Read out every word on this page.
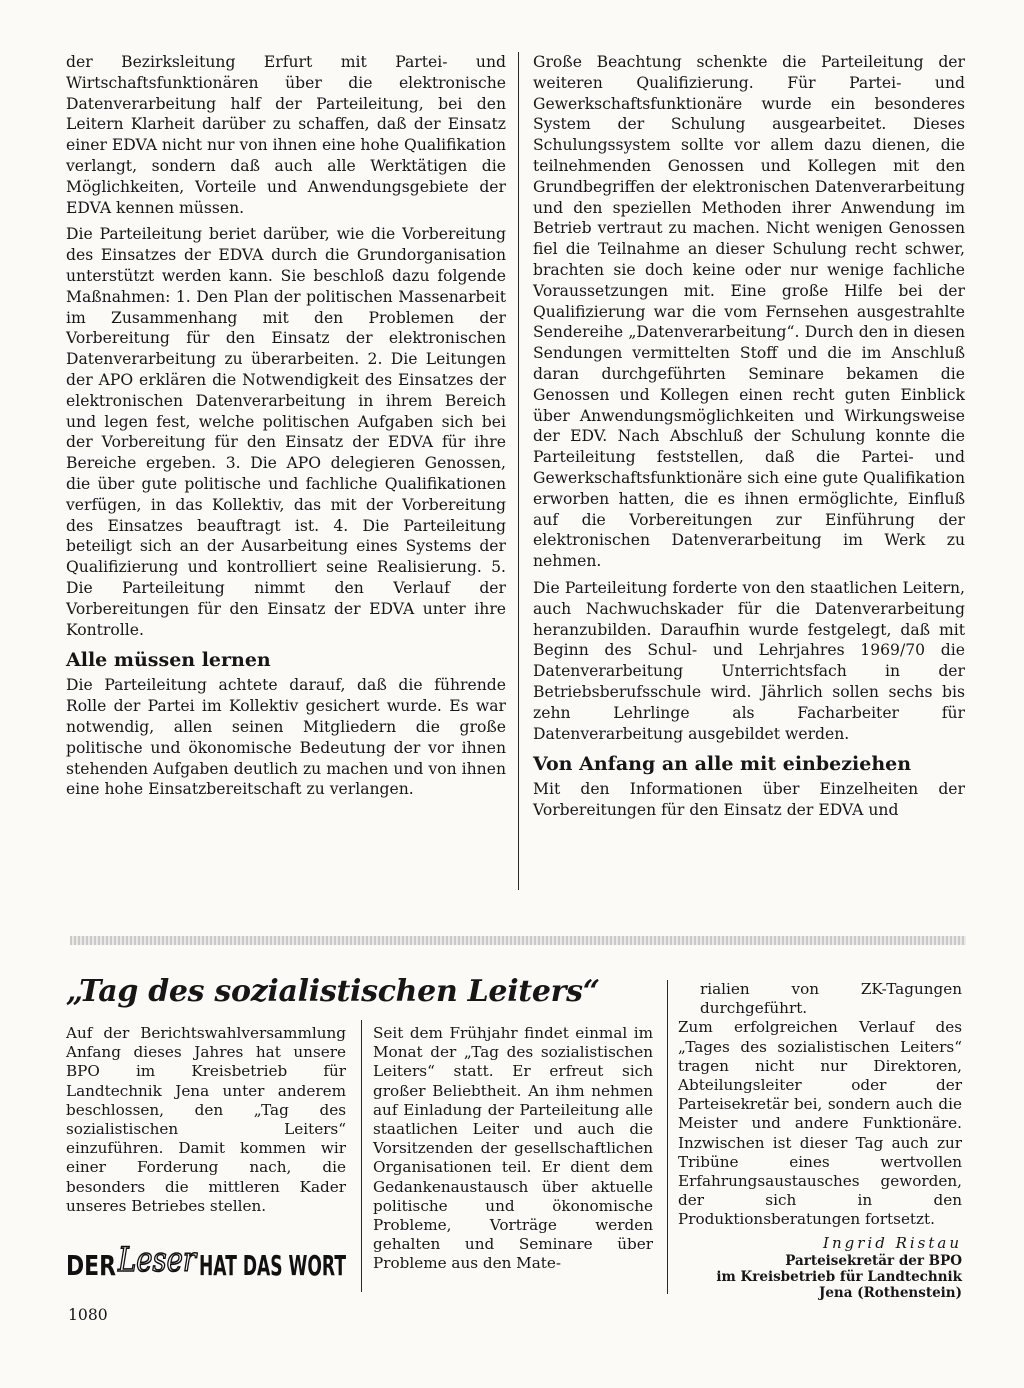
der Bezirksleitung Erfurt mit Partei- und Wirtschaftsfunktionären über die elektronische Datenverarbeitung half der Parteileitung, bei den Leitern Klarheit darüber zu schaffen, daß der Einsatz einer EDVA nicht nur von ihnen eine hohe Qualifikation verlangt, sondern daß auch alle Werktätigen die Möglichkeiten, Vorteile und Anwendungsgebiete der EDVA kennen müssen.

Die Parteileitung beriet darüber, wie die Vorbereitung des Einsatzes der EDVA durch die Grundorganisation unterstützt werden kann. Sie beschloß dazu folgende Maßnahmen: 1. Den Plan der politischen Massenarbeit im Zusammenhang mit den Problemen der Vorbereitung für den Einsatz der elektronischen Datenverarbeitung zu überarbeiten. 2. Die Leitungen der APO erklären die Notwendigkeit des Einsatzes der elektronischen Datenverarbeitung in ihrem Bereich und legen fest, welche politischen Aufgaben sich bei der Vorbereitung für den Einsatz der EDVA für ihre Bereiche ergeben. 3. Die APO delegieren Genossen, die über gute politische und fachliche Qualifikationen verfügen, in das Kollektiv, das mit der Vorbereitung des Einsatzes beauftragt ist. 4. Die Parteileitung beteiligt sich an der Ausarbeitung eines Systems der Qualifizierung und kontrolliert seine Realisierung. 5. Die Parteileitung nimmt den Verlauf der Vorbereitungen für den Einsatz der EDVA unter ihre Kontrolle.

Alle müssen lernen

Die Parteileitung achtete darauf, daß die führende Rolle der Partei im Kollektiv gesichert wurde. Es war notwendig, allen seinen Mitgliedern die große politische und ökonomische Bedeutung der vor ihnen stehenden Aufgaben deutlich zu machen und von ihnen eine hohe Einsatzbereitschaft zu verlangen.

Große Beachtung schenkte die Parteileitung der weiteren Qualifizierung. Für Partei- und Gewerkschaftsfunktionäre wurde ein besonderes System der Schulung ausgearbeitet. Dieses Schulungssystem sollte vor allem dazu dienen, die teilnehmenden Genossen und Kollegen mit den Grundbegriffen der elektronischen Datenverarbeitung und den speziellen Methoden ihrer Anwendung im Betrieb vertraut zu machen. Nicht wenigen Genossen fiel die Teilnahme an dieser Schulung recht schwer, brachten sie doch keine oder nur wenige fachliche Voraussetzungen mit. Eine große Hilfe bei der Qualifizierung war die vom Fernsehen ausgestrahlte Sendereihe „Datenverarbeitung“. Durch den in diesen Sendungen vermittelten Stoff und die im Anschluß daran durchgeführten Seminare bekamen die Genossen und Kollegen einen recht guten Einblick über Anwendungsmöglichkeiten und Wirkungsweise der EDV. Nach Abschluß der Schulung konnte die Parteileitung feststellen, daß die Partei- und Gewerkschaftsfunktionäre sich eine gute Qualifikation erworben hatten, die es ihnen ermöglichte, Einfluß auf die Vorbereitungen zur Einführung der elektronischen Datenverarbeitung im Werk zu nehmen.

Die Parteileitung forderte von den staatlichen Leitern, auch Nachwuchskader für die Datenverarbeitung heranzubilden. Daraufhin wurde festgelegt, daß mit Beginn des Schul- und Lehrjahres 1969/70 die Datenverarbeitung Unterrichtsfach in der Betriebsberufsschule wird. Jährlich sollen sechs bis zehn Lehrlinge als Facharbeiter für Datenverarbeitung ausgebildet werden.

Von Anfang an alle mit einbeziehen

Mit den Informationen über Einzelheiten der Vorbereitungen für den Einsatz der EDVA und

„Tag des sozialistischen Leiters“

Auf der Berichtswahlversammlung Anfang dieses Jahres hat unsere BPO im Kreisbetrieb für Landtechnik Jena unter anderem beschlossen, den „Tag des sozialistischen Leiters“ einzuführen. Damit kommen wir einer Forderung nach, die besonders die mittleren Kader unseres Betriebes stellen.

Seit dem Frühjahr findet einmal im Monat der „Tag des sozialistischen Leiters“ statt. Er erfreut sich großer Beliebtheit. An ihm nehmen auf Einladung der Parteileitung alle staatlichen Leiter und auch die Vorsitzenden der gesellschaftlichen Organisationen teil. Er dient dem Gedankenaustausch über aktuelle politische und ökonomische Probleme, Vorträge werden gehalten und Seminare über Probleme aus den Mate-

rialien von ZK-Tagungen durchgeführt.

Zum erfolgreichen Verlauf des „Tages des sozialistischen Leiters“ tragen nicht nur Direktoren, Abteilungsleiter oder der Parteisekretär bei, sondern auch die Meister und andere Funktionäre. Inzwischen ist dieser Tag auch zur Tribüne eines wertvollen Erfahrungsaustausches geworden, der sich in den Produktionsberatungen fortsetzt.

Ingrid Ristau

Parteisekretär der BPO

im Kreisbetrieb für Landtechnik

Jena (Rothenstein)

DER Leser HAT DAS WORT
1080
